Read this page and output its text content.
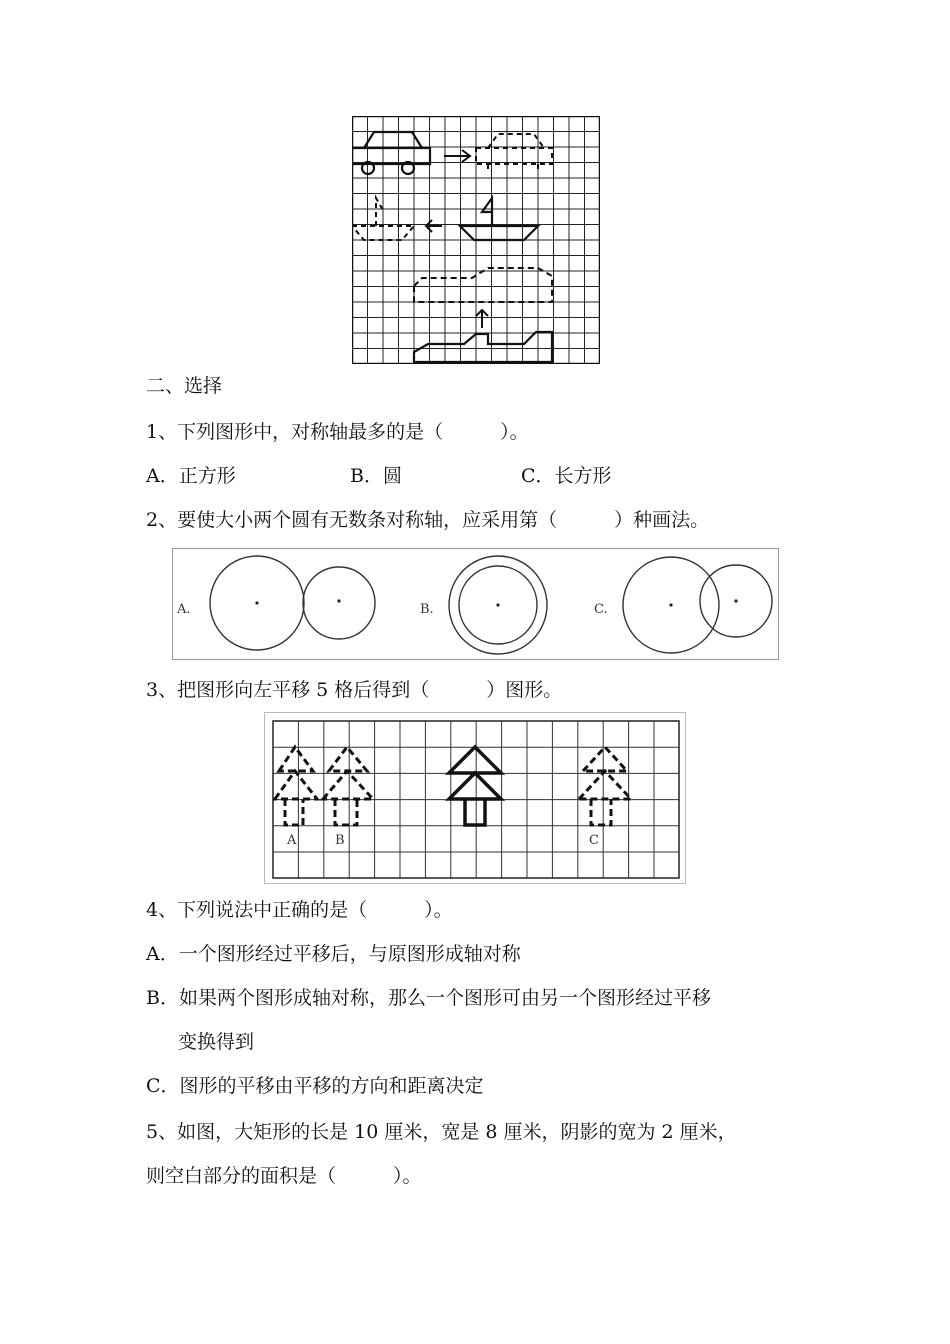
二、选择
1、下列图形中，对称轴最多的是（　　　）。
A．正方形	B．圆	C．长方形
2、要使大小两个圆有无数条对称轴，应采用第（　　　）种画法。
A.	B.	C.
3、把图形向左平移 5 格后得到（　　　）图形。
A	B	C
4、下列说法中正确的是（　　　）。
A．一个图形经过平移后，与原图形成轴对称
B．如果两个图形成轴对称，那么一个图形可由另一个图形经过平移
变换得到
C．图形的平移由平移的方向和距离决定
5、如图，大矩形的长是 10 厘米，宽是 8 厘米，阴影的宽为 2 厘米，
则空白部分的面积是（　　　）。
